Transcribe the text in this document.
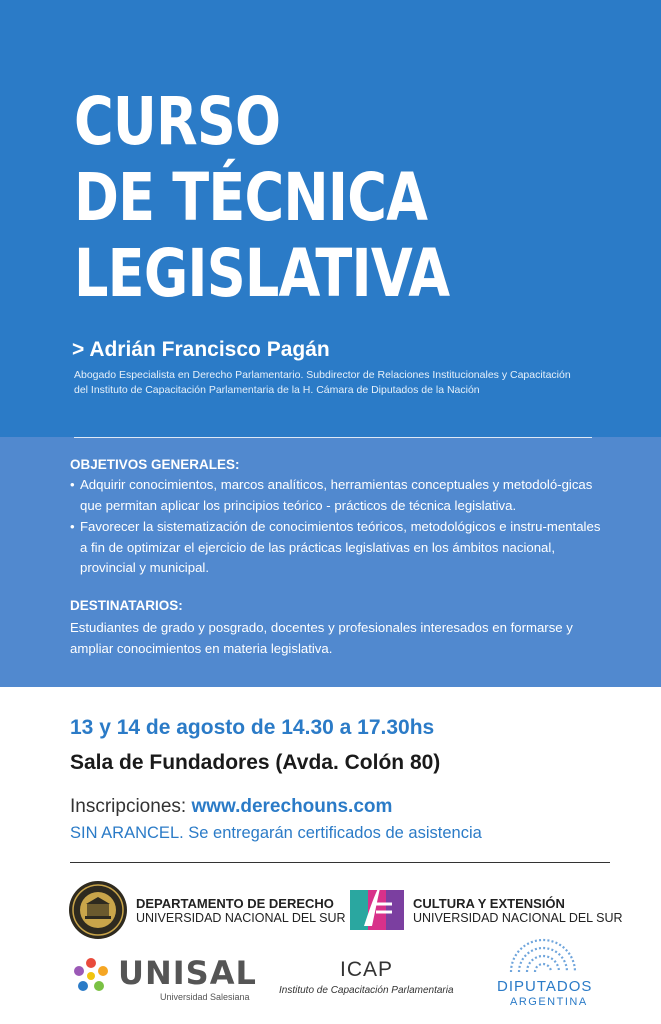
CURSO
DE TÉCNICA
LEGISLATIVA
> Adrián Francisco Pagán
Abogado Especialista en Derecho Parlamentario. Subdirector de Relaciones Institucionales y Capacitación
del Instituto de Capacitación Parlamentaria de la H. Cámara de Diputados de la Nación
OBJETIVOS GENERALES:
• Adquirir conocimientos, marcos analíticos, herramientas conceptuales y metodoló-gicas que permitan aplicar los principios teórico - prácticos de técnica legislativa.
• Favorecer la sistematización de conocimientos teóricos, metodológicos e instru-mentales a fin de optimizar el ejercicio de las prácticas legislativas en los ámbitos nacional, provincial y municipal.
DESTINATARIOS:
Estudiantes de grado y posgrado, docentes y profesionales interesados en formarse y ampliar conocimientos en materia legislativa.
13 y 14 de agosto de 14.30 a 17.30hs
Sala de Fundadores (Avda. Colón 80)
Inscripciones: www.derechouns.com
SIN ARANCEL. Se entregarán certificados de asistencia
DEPARTAMENTO DE DERECHO
UNIVERSIDAD NACIONAL DEL SUR
CULTURA Y EXTENSIÓN
UNIVERSIDAD NACIONAL DEL SUR
UNISAL
Universidad Salesiana
ICAP
Instituto de Capacitación Parlamentaria	DIPUTADOS
ARGENTINA
